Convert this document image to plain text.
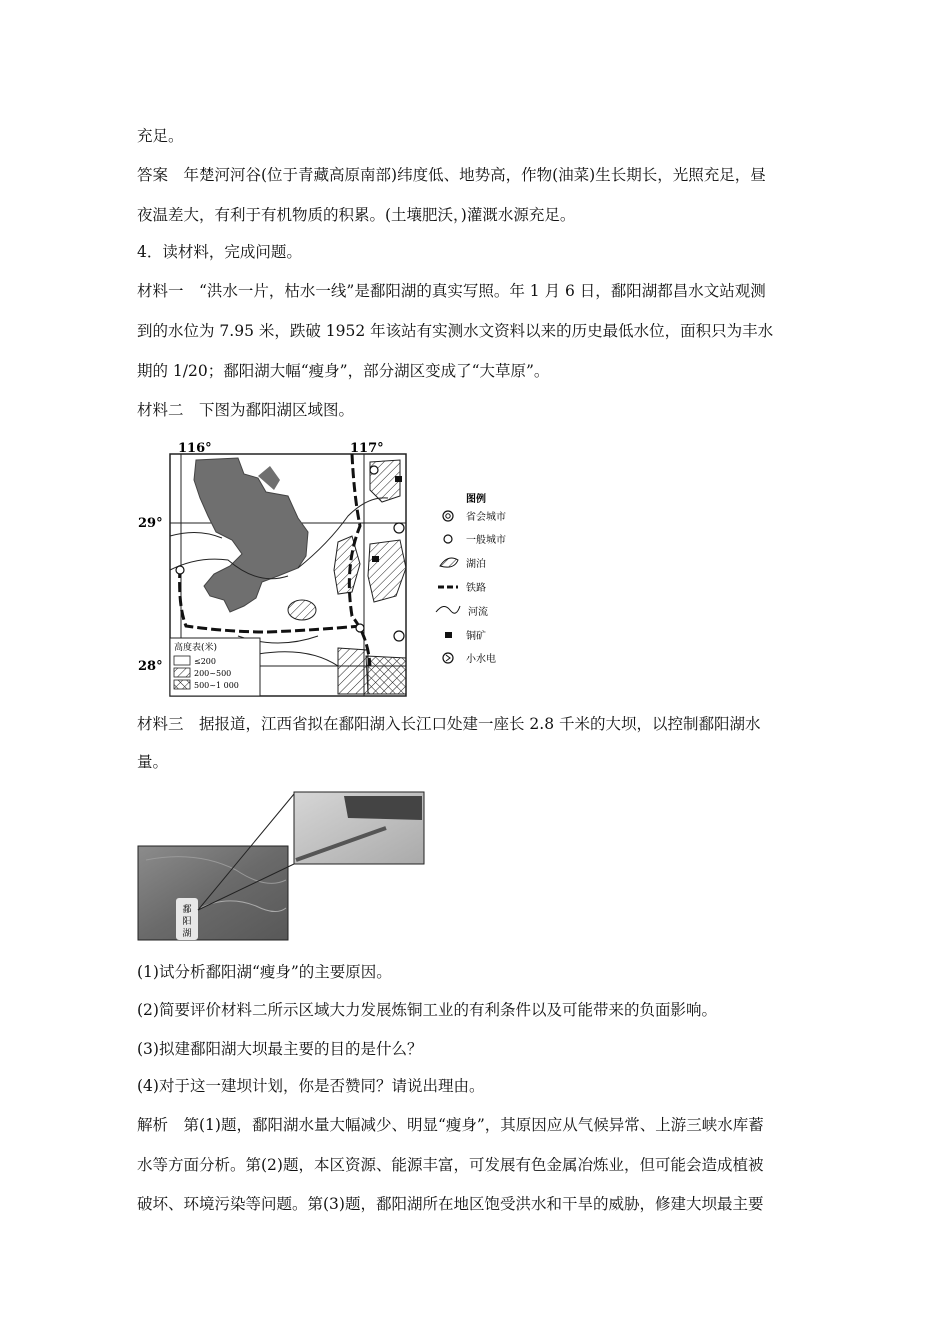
充足。
答案　年楚河河谷(位于青藏高原南部)纬度低、地势高，作物(油菜)生长期长，光照充足，昼
夜温差大，有利于有机物质的积累。(土壤肥沃，)灌溉水源充足。
4．读材料，完成问题。
材料一　“洪水一片，枯水一线”是鄱阳湖的真实写照。年 1 月 6 日，鄱阳湖都昌水文站观测
到的水位为 7.95 米，跌破 1952 年该站有实测水文资料以来的历史最低水位，面积只为丰水
期的 1/20；鄱阳湖大幅“瘦身”，部分湖区变成了“大草原”。
材料二　下图为鄱阳湖区域图。
116°	117°
29°
28°
高度表(米)
≤200
200~500
500~1 000
图例
省会城市
一般城市
湖泊
铁路
河流
铜矿
小水电
材料三　据报道，江西省拟在鄱阳湖入长江口处建一座长 2.8 千米的大坝，以控制鄱阳湖水
量。
鄱
阳
湖
(1)试分析鄱阳湖“瘦身”的主要原因。
(2)简要评价材料二所示区域大力发展炼铜工业的有利条件以及可能带来的负面影响。
(3)拟建鄱阳湖大坝最主要的目的是什么？
(4)对于这一建坝计划，你是否赞同？请说出理由。
解析　第(1)题，鄱阳湖水量大幅减少、明显“瘦身”，其原因应从气候异常、上游三峡水库蓄
水等方面分析。第(2)题，本区资源、能源丰富，可发展有色金属冶炼业，但可能会造成植被
破坏、环境污染等问题。第(3)题，鄱阳湖所在地区饱受洪水和干旱的威胁，修建大坝最主要
